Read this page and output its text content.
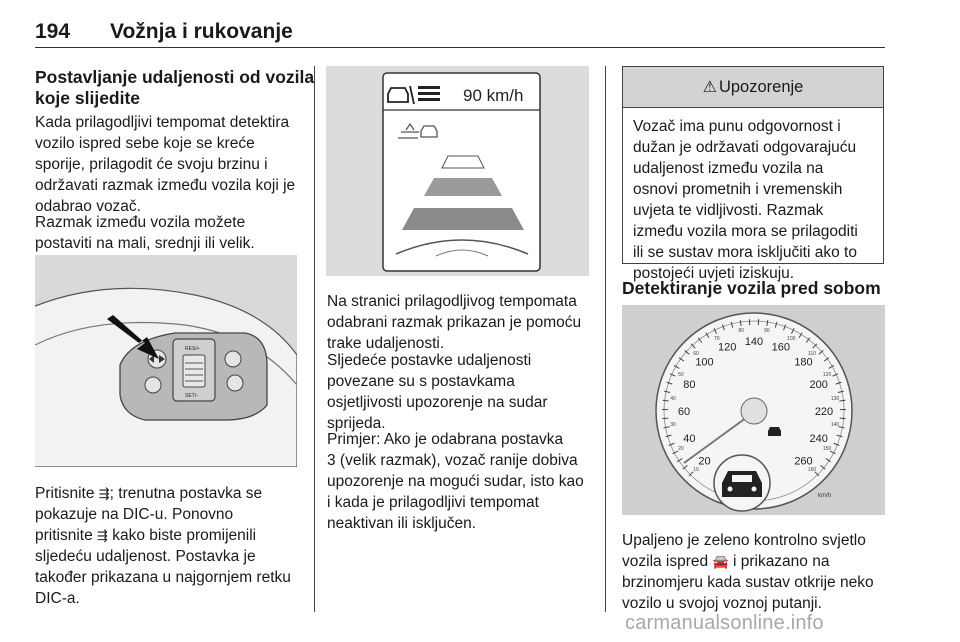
194 Vožnja i rukovanje
Postavljanje udaljenosti od vozila
koje slijedite
Kada prilagodljivi tempomat detektira
vozilo ispred sebe koje se kreće
sporije, prilagodit će svoju brzinu i
održavati razmak između vozila koji je
odabrao vozač.
Razmak između vozila možete
postaviti na mali, srednji ili velik.
RES/+
SET/-
Pritisnite ⇶; trenutna postavka se
pokazuje na DIC-u. Ponovno
pritisnite ⇶ kako biste promijenili
sljedeću udaljenost. Postavka je
također prikazana u najgornjem retku
DIC-a.
90 km/h
Na stranici prilagodljivog tempomata
odabrani razmak prikazan je pomoću
trake udaljenosti.
Sljedeće postavke udaljenosti
povezane su s postavkama
osjetljivosti upozorenje na sudar
sprijeda.
Primjer: Ako je odabrana postavka
3 (velik razmak), vozač ranije dobiva
upozorenje na mogući sudar, isto kao
i kada je prilagodljivi tempomat
neaktivan ili isključen.
⚠ Upozorenje
Vozač ima punu odgovornost i
dužan je održavati odgovarajuću
udaljenost između vozila na
osnovi prometnih i vremenskih
uvjeta te vidljivosti. Razmak
između vozila mora se prilagoditi
ili se sustav mora isključiti ako to
postojeći uvjeti iziskuju.
Detektiranje vozila pred sobom
20
40
60
80
100
120 140 160
180
200
220
240
260
10
20
30
40
50
60
70
80	90
100
110
120
130
140
150
160
km/h
Upaljeno je zeleno kontrolno svjetlo
vozila ispred 🚘 i prikazano na
brzinomjeru kada sustav otkrije neko
vozilo u svojoj voznoj putanji.
carmanualsonline.info
